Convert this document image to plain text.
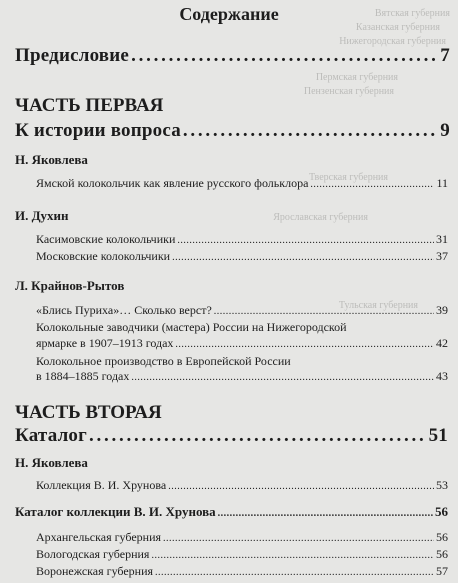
Вятская губерния
Казанская губерния
Нижегородская губерния
Пермская губерния
Пензенская губерния
Тверская губерния
Ярославская губерния
Тульская губерния
Содержание
Предисловие . . .	7
ЧАСТЬ ПЕРВАЯ
К истории вопроса . . .	9
Н. Яковлева
Ямской колокольчик как явление русского фольклора . . .	11
И. Духин
Касимовские колокольчики . . .	31
Московские колокольчики . . .	37
Л. Крайнов-Рытов
«Блись Пуриха»… Сколько верст? . . .	39
Колокольные заводчики (мастера) России на Нижегородской
ярмарке в 1907–1913 годах . . .	42
Колокольное производство в Европейской России
в 1884–1885 годах . . .	43
ЧАСТЬ ВТОРАЯ
Каталог . . .	51
Н. Яковлева
Коллекция В. И. Хрунова . . .	53
Каталог коллекции В. И. Хрунова . . .	56
Архангельская губерния . . .	56
Вологодская губерния . . .	56
Воронежская губерния . . .	57
